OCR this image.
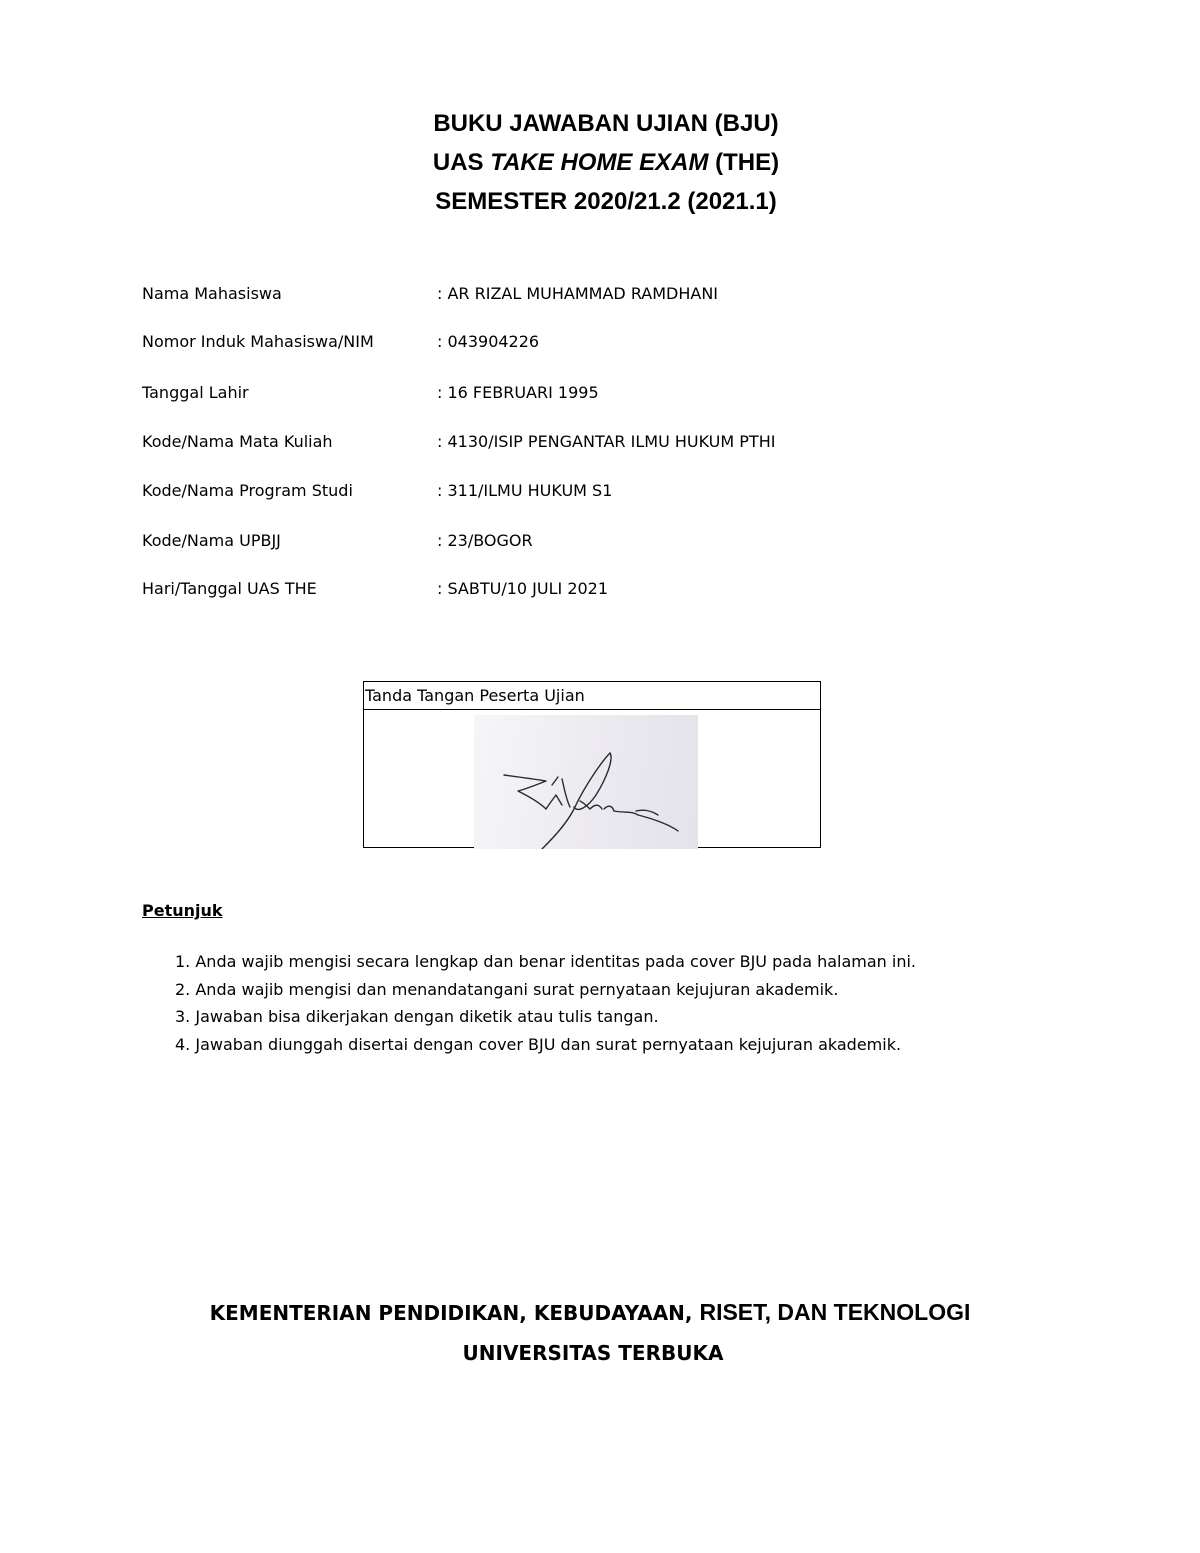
BUKU JAWABAN UJIAN (BJU)
UAS TAKE HOME EXAM (THE)
SEMESTER 2020/21.2 (2021.1)
Nama Mahasiswa	: AR RIZAL MUHAMMAD RAMDHANI
Nomor Induk Mahasiswa/NIM	: 043904226
Tanggal Lahir	: 16 FEBRUARI 1995
Kode/Nama Mata Kuliah	: 4130/ISIP PENGANTAR ILMU HUKUM PTHI
Kode/Nama Program Studi	: 311/ILMU HUKUM S1
Kode/Nama UPBJJ	: 23/BOGOR
Hari/Tanggal UAS THE	: SABTU/10 JULI 2021
Tanda Tangan Peserta Ujian
Petunjuk
1. Anda wajib mengisi secara lengkap dan benar identitas pada cover BJU pada halaman ini.
2. Anda wajib mengisi dan menandatangani surat pernyataan kejujuran akademik.
3. Jawaban bisa dikerjakan dengan diketik atau tulis tangan.
4. Jawaban diunggah disertai dengan cover BJU dan surat pernyataan kejujuran akademik.
KEMENTERIAN PENDIDIKAN, KEBUDAYAAN, RISET, DAN TEKNOLOGI
UNIVERSITAS TERBUKA
